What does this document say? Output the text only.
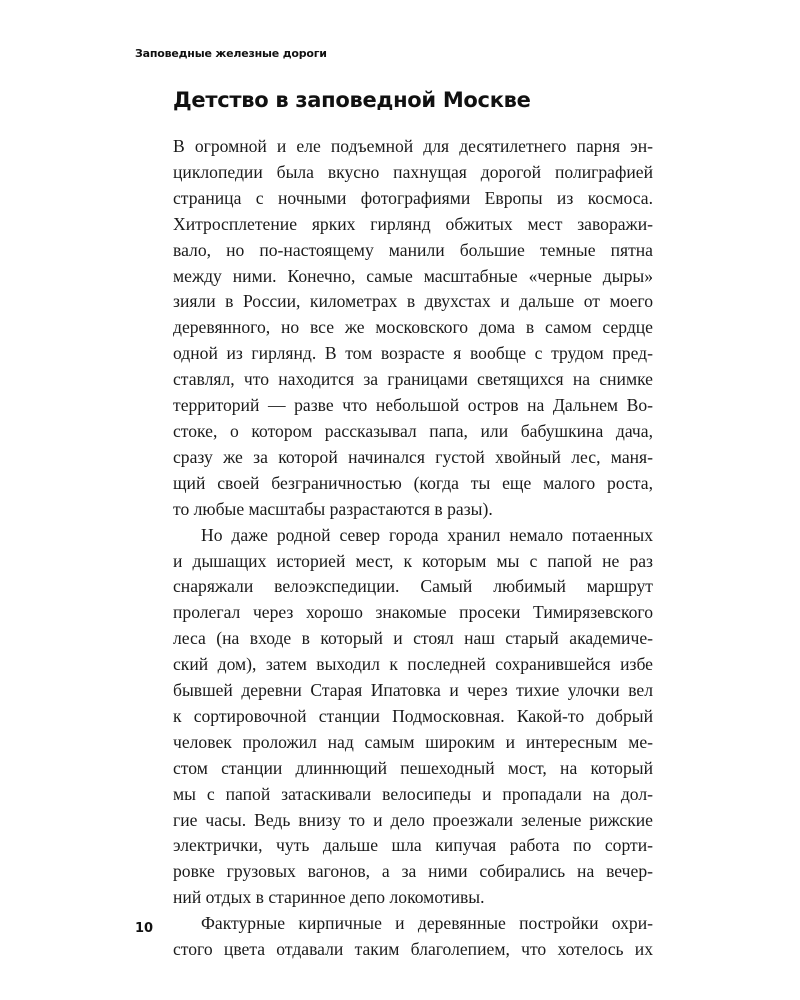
Заповедные железные дороги
Детство в заповедной Москве
В огромной и еле подъемной для десятилетнего парня эн-
циклопедии была вкусно пахнущая дорогой полиграфией
страница с ночными фотографиями Европы из космоса.
Хитросплетение ярких гирлянд обжитых мест заворажи-
вало, но по-настоящему манили большие темные пятна
между ними. Конечно, самые масштабные «черные дыры»
зияли в России, километрах в двухстах и дальше от моего
деревянного, но все же московского дома в самом сердце
одной из гирлянд. В том возрасте я вообще с трудом пред-
ставлял, что находится за границами светящихся на снимке
территорий — разве что небольшой остров на Дальнем Во-
стоке, о котором рассказывал папа, или бабушкина дача,
сразу же за которой начинался густой хвойный лес, маня-
щий своей безграничностью (когда ты еще малого роста,
то любые масштабы разрастаются в разы).
Но даже родной север города хранил немало потаенных
и дышащих историей мест, к которым мы с папой не раз
снаряжали велоэкспедиции. Самый любимый маршрут
пролегал через хорошо знакомые просеки Тимирязевского
леса (на входе в который и стоял наш старый академиче-
ский дом), затем выходил к последней сохранившейся избе
бывшей деревни Старая Ипатовка и через тихие улочки вел
к сортировочной станции Подмосковная. Какой-то добрый
человек проложил над самым широким и интересным ме-
стом станции длиннющий пешеходный мост, на который
мы с папой затаскивали велосипеды и пропадали на дол-
гие часы. Ведь внизу то и дело проезжали зеленые рижские
электрички, чуть дальше шла кипучая работа по сорти-
ровке грузовых вагонов, а за ними собирались на вечер-
ний отдых в старинное депо локомотивы.
Фактурные кирпичные и деревянные постройки охри-
стого цвета отдавали таким благолепием, что хотелось их
10
